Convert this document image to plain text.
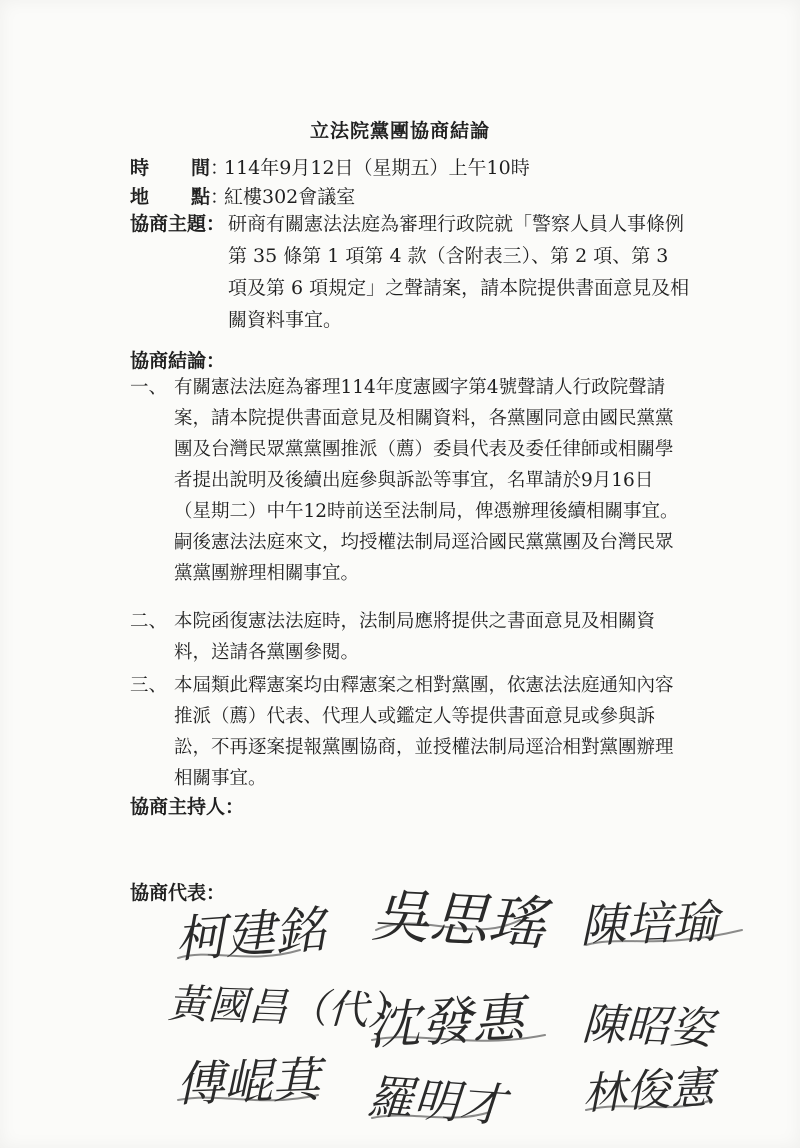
立法院黨團協商結論
時間：114年9月12日（星期五）上午10時
地點：紅樓302會議室
協商主題： 研商有關憲法法庭為審理行政院就「警察人員人事條例第 35 條第 1 項第 4 款（含附表三）、第 2 項、第 3 項及第 6 項規定」之聲請案，請本院提供書面意見及相關資料事宜。
協商結論：
一、 有關憲法法庭為審理114年度憲國字第4號聲請人行政院聲請案，請本院提供書面意見及相關資料，各黨團同意由國民黨黨團及台灣民眾黨黨團推派（薦）委員代表及委任律師或相關學者提出說明及後續出庭參與訴訟等事宜，名單請於9月16日（星期二）中午12時前送至法制局，俾憑辦理後續相關事宜。嗣後憲法法庭來文，均授權法制局逕洽國民黨黨團及台灣民眾黨黨團辦理相關事宜。
二、 本院函復憲法法庭時，法制局應將提供之書面意見及相關資料，送請各黨團參閱。
三、 本屆類此釋憲案均由釋憲案之相對黨團，依憲法法庭通知內容推派（薦）代表、代理人或鑑定人等提供書面意見或參與訴訟，不再逐案提報黨團協商，並授權法制局逕洽相對黨團辦理相關事宜。
協商主持人：
協商代表：
柯建銘 吳思瑤 陳培瑜
黃國昌（代）
沈發惠 陳昭姿
傅崐萁 羅明才 林俊憲
